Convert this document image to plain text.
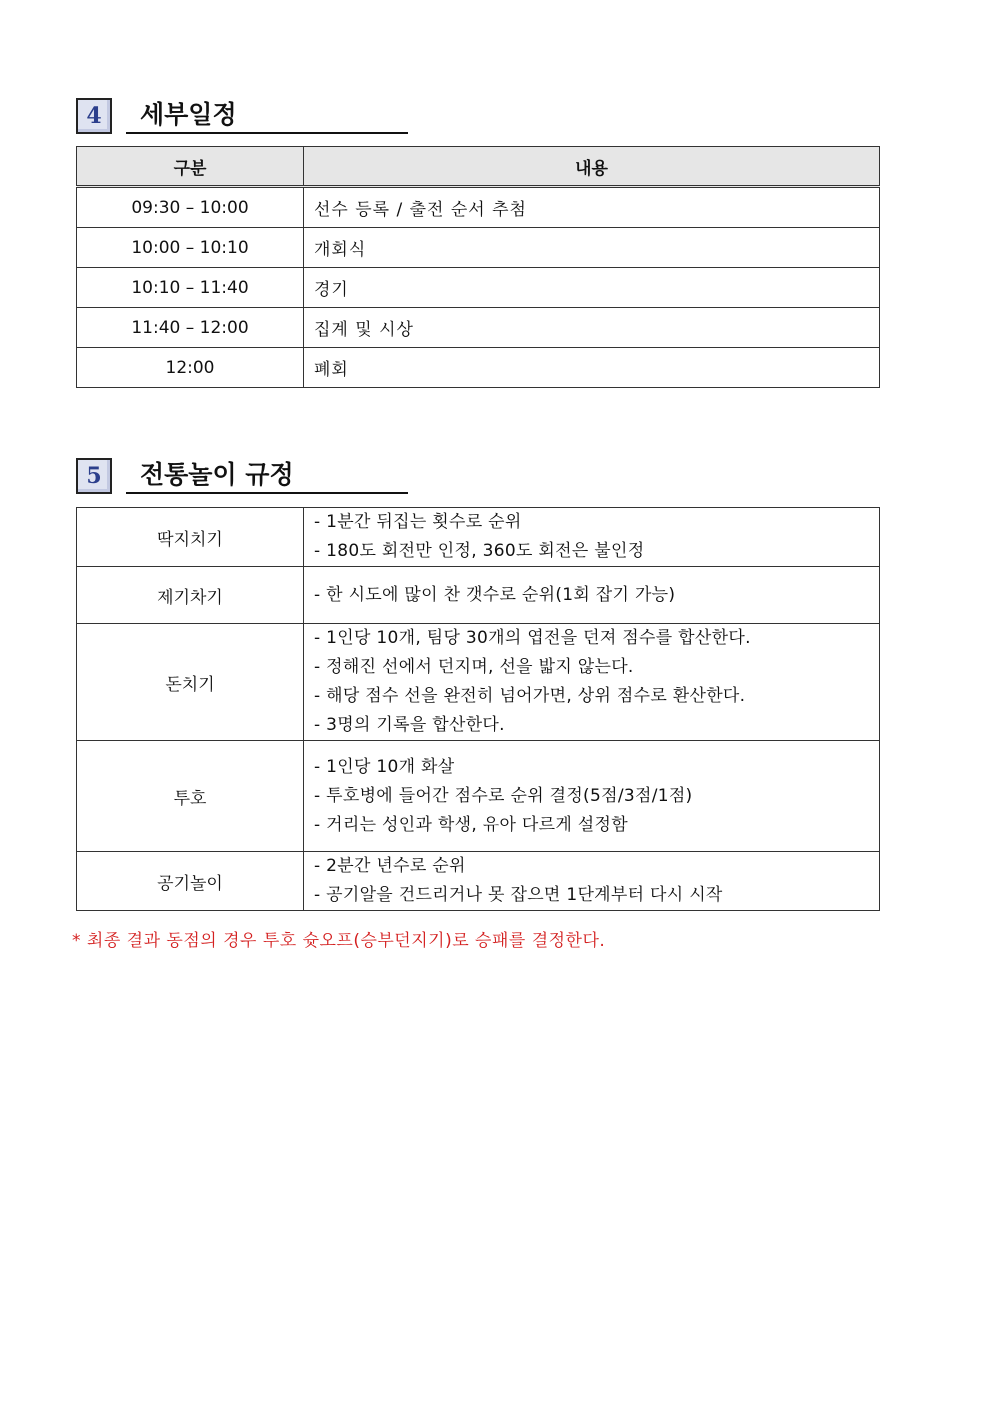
4	세부일정
구분	내용
09:30 – 10:00	선수 등록 / 출전 순서 추첨
10:00 – 10:10	개회식
10:10 – 11:40	경기
11:40 – 12:00	집계 및 시상
12:00	폐회
5	전통놀이 규정
딱지치기	- 1분간 뒤집는 횟수로 순위
- 180도 회전만 인정, 360도 회전은 불인정

제기차기	- 한 시도에 많이 찬 갯수로 순위(1회 잡기 가능)

돈치기	- 1인당 10개, 팀당 30개의 엽전을 던져 점수를 합산한다.
- 정해진 선에서 던지며, 선을 밟지 않는다.
- 해당 점수 선을 완전히 넘어가면, 상위 점수로 환산한다.
- 3명의 기록을 합산한다.

투호	- 1인당 10개 화살
- 투호병에 들어간 점수로 순위 결정(5점/3점/1점)
- 거리는 성인과 학생, 유아 다르게 설정함

공기놀이	- 2분간 년수로 순위
- 공기알을 건드리거나 못 잡으면 1단계부터 다시 시작
* 최종 결과 동점의 경우 투호 슛오프(승부던지기)로 승패를 결정한다.
